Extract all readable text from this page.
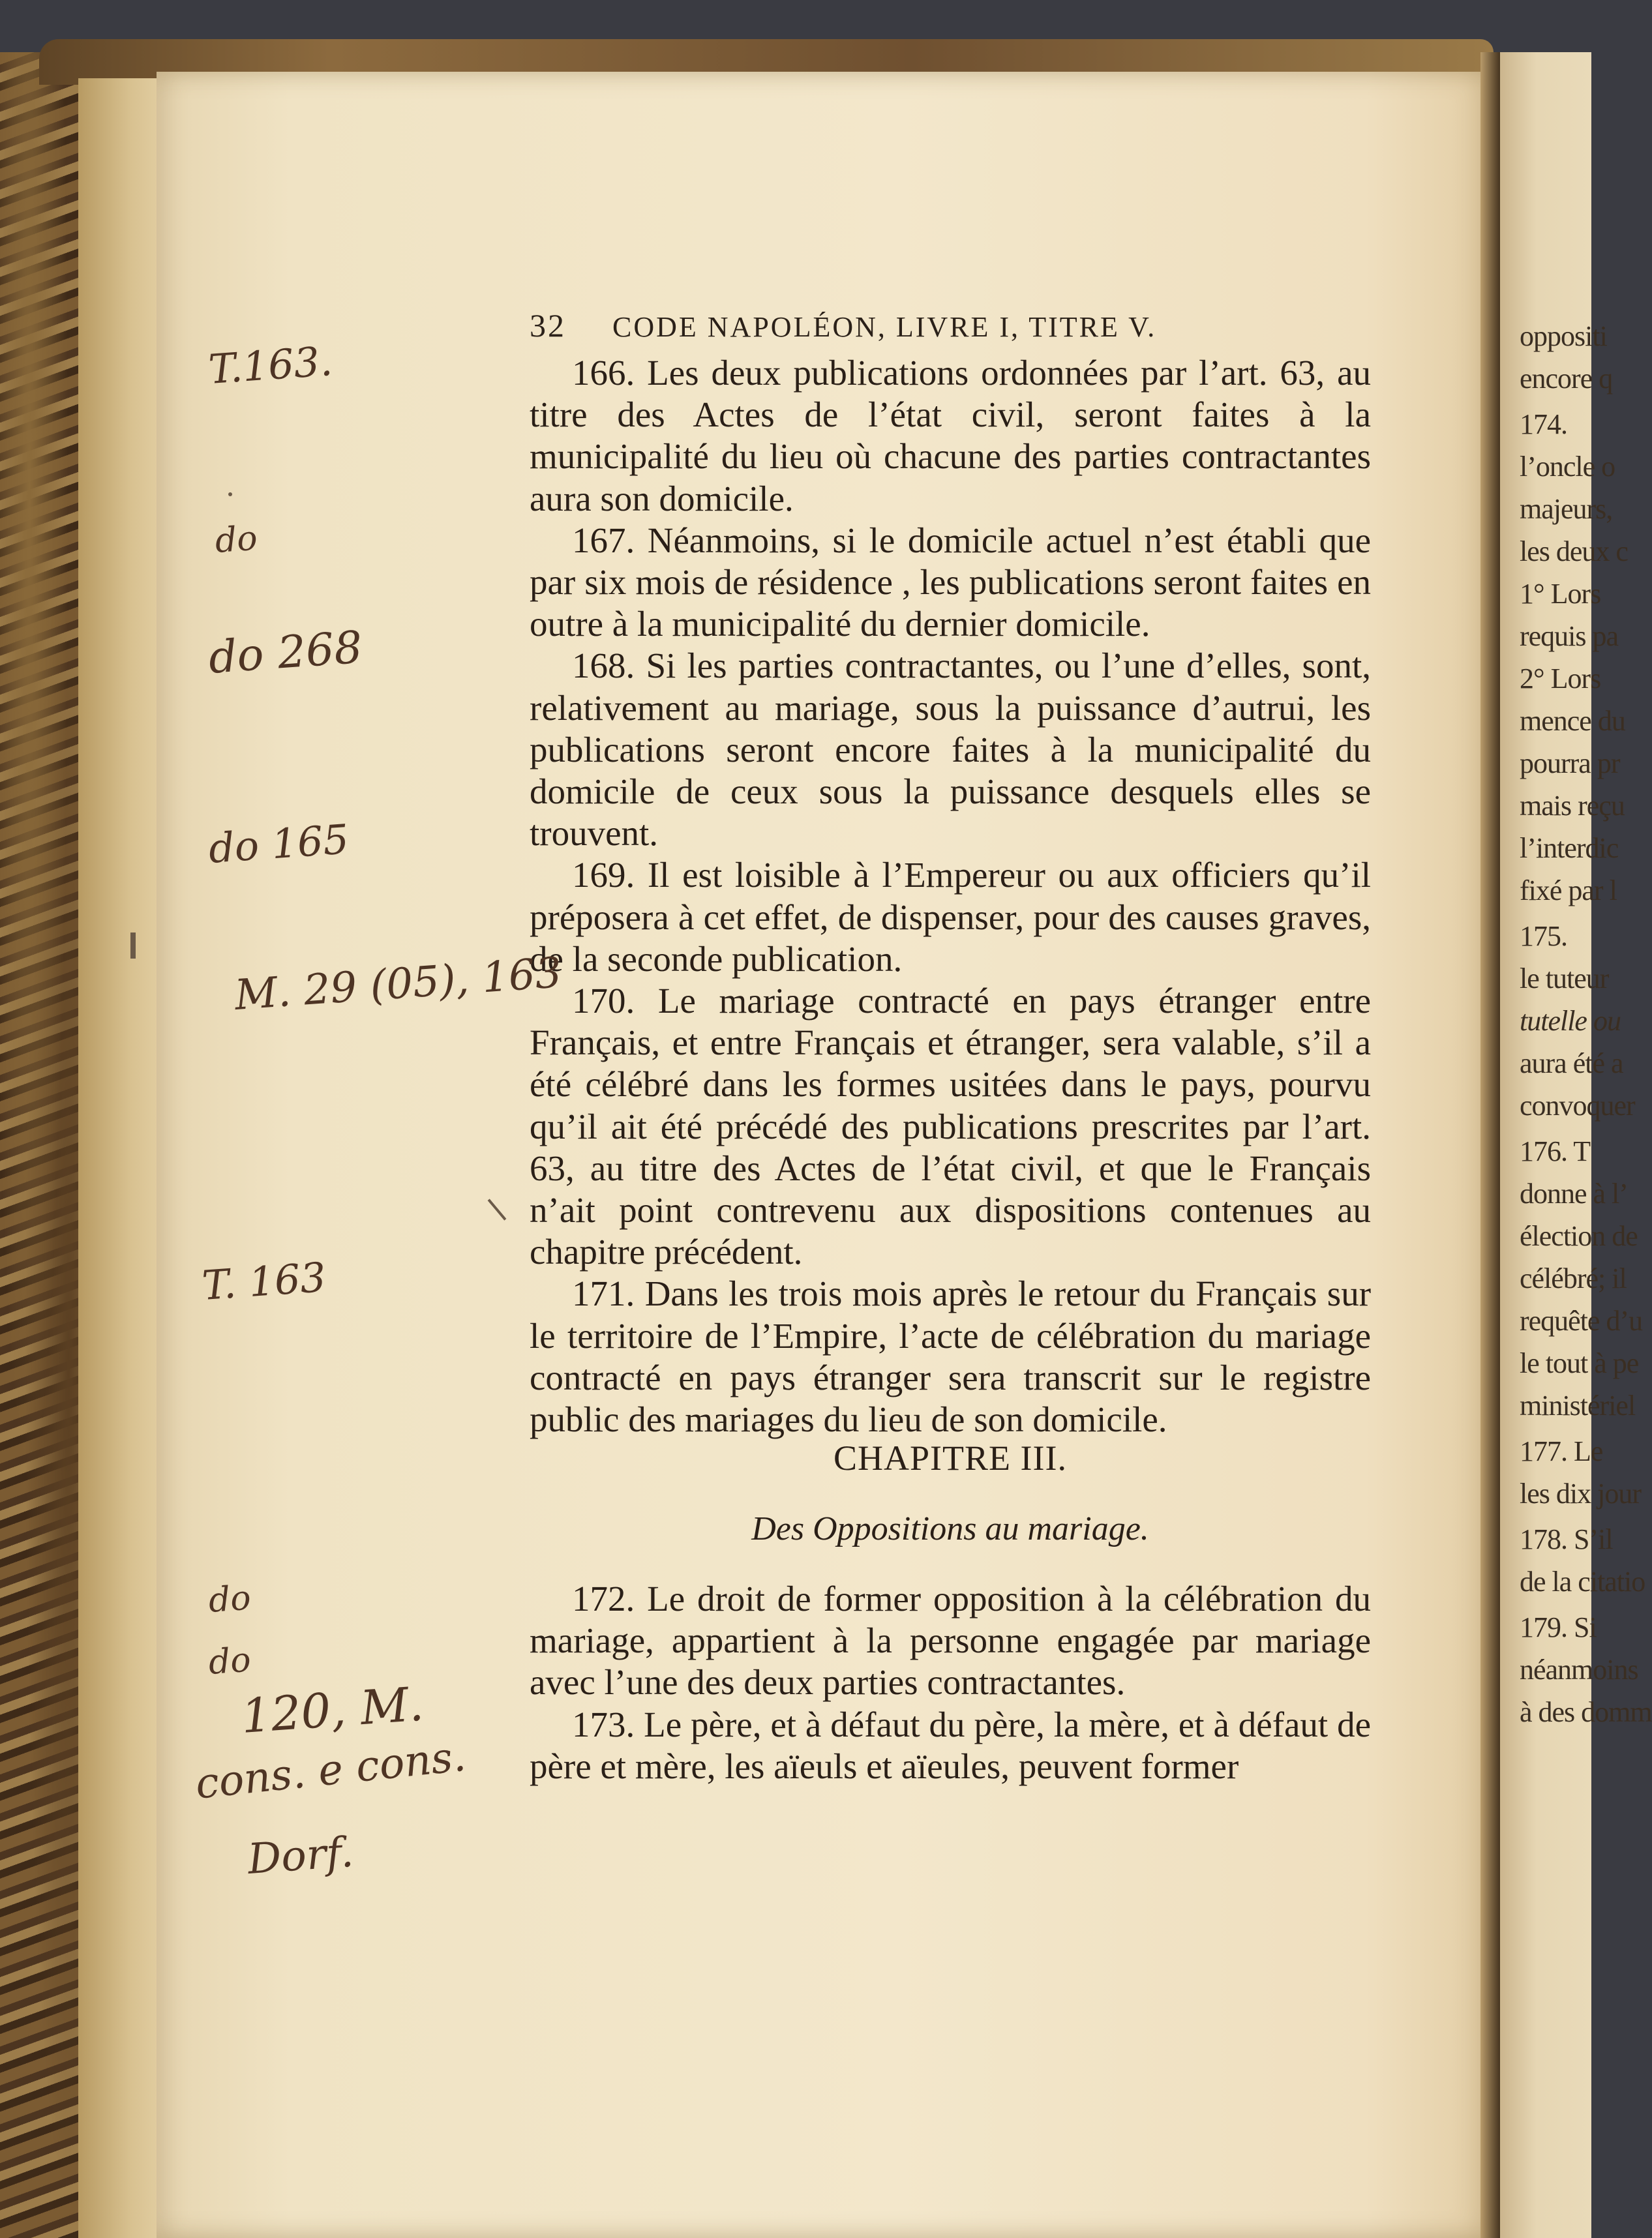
oppositi
encore q
174.
l’oncle o
majeurs,
les deux c
1° Lors
requis pa
2° Lors
mence du
pourra pr
mais reçu
l’interdic
fixé par l
175.
le tuteur
tutelle ou
aura été a
convoquer
176. T
donne à l’
élection de
célébré; il
requête d’u
le tout à pe
ministériel
177. Le
les dix jour
178. S’il
de la citatio
179. Si
néanmoins
à des domm
32 CODE NAPOLÉON, LIVRE I, TITRE V.

166. Les deux publications ordonnées par l’art. 63, au titre des Actes de l’état civil, seront faites à la municipalité du lieu où chacune des parties contractantes aura son domicile.

167. Néanmoins, si le domicile actuel n’est établi que par six mois de résidence , les publications seront faites en outre à la municipalité du dernier domicile.

168. Si les parties contractantes, ou l’une d’elles, sont, relativement au mariage, sous la puissance d’autrui, les publications seront encore faites à la municipalité du domicile de ceux sous la puissance desquels elles se trouvent.

169. Il est loisible à l’Empereur ou aux officiers qu’il préposera à cet effet, de dispenser, pour des causes graves, de la seconde publication.

170. Le mariage contracté en pays étranger entre Français, et entre Français et étranger, sera valable, s’il a été célébré dans les formes usitées dans le pays, pourvu qu’il ait été précédé des publications prescrites par l’art. 63, au titre des Actes de l’état civil, et que le Français n’ait point contrevenu aux dispositions contenues au chapitre précédent.

171. Dans les trois mois après le retour du Français sur le territoire de l’Empire, l’acte de célébration du mariage contracté en pays étranger sera transcrit sur le registre public des mariages du lieu de son domicile.

CHAPITRE III.
Des Oppositions au mariage.

172. Le droit de former opposition à la célébration du mariage, appartient à la personne engagée par mariage avec l’une des deux parties contractantes.

173. Le père, et à défaut du père, la mère, et à défaut de père et mère, les aïeuls et aïeules, peuvent former

T.163.
do
do 268
do 165
M. 29 (05), 163
T. 163
do
do
120, M.
cons. e cons.
Dorf.
